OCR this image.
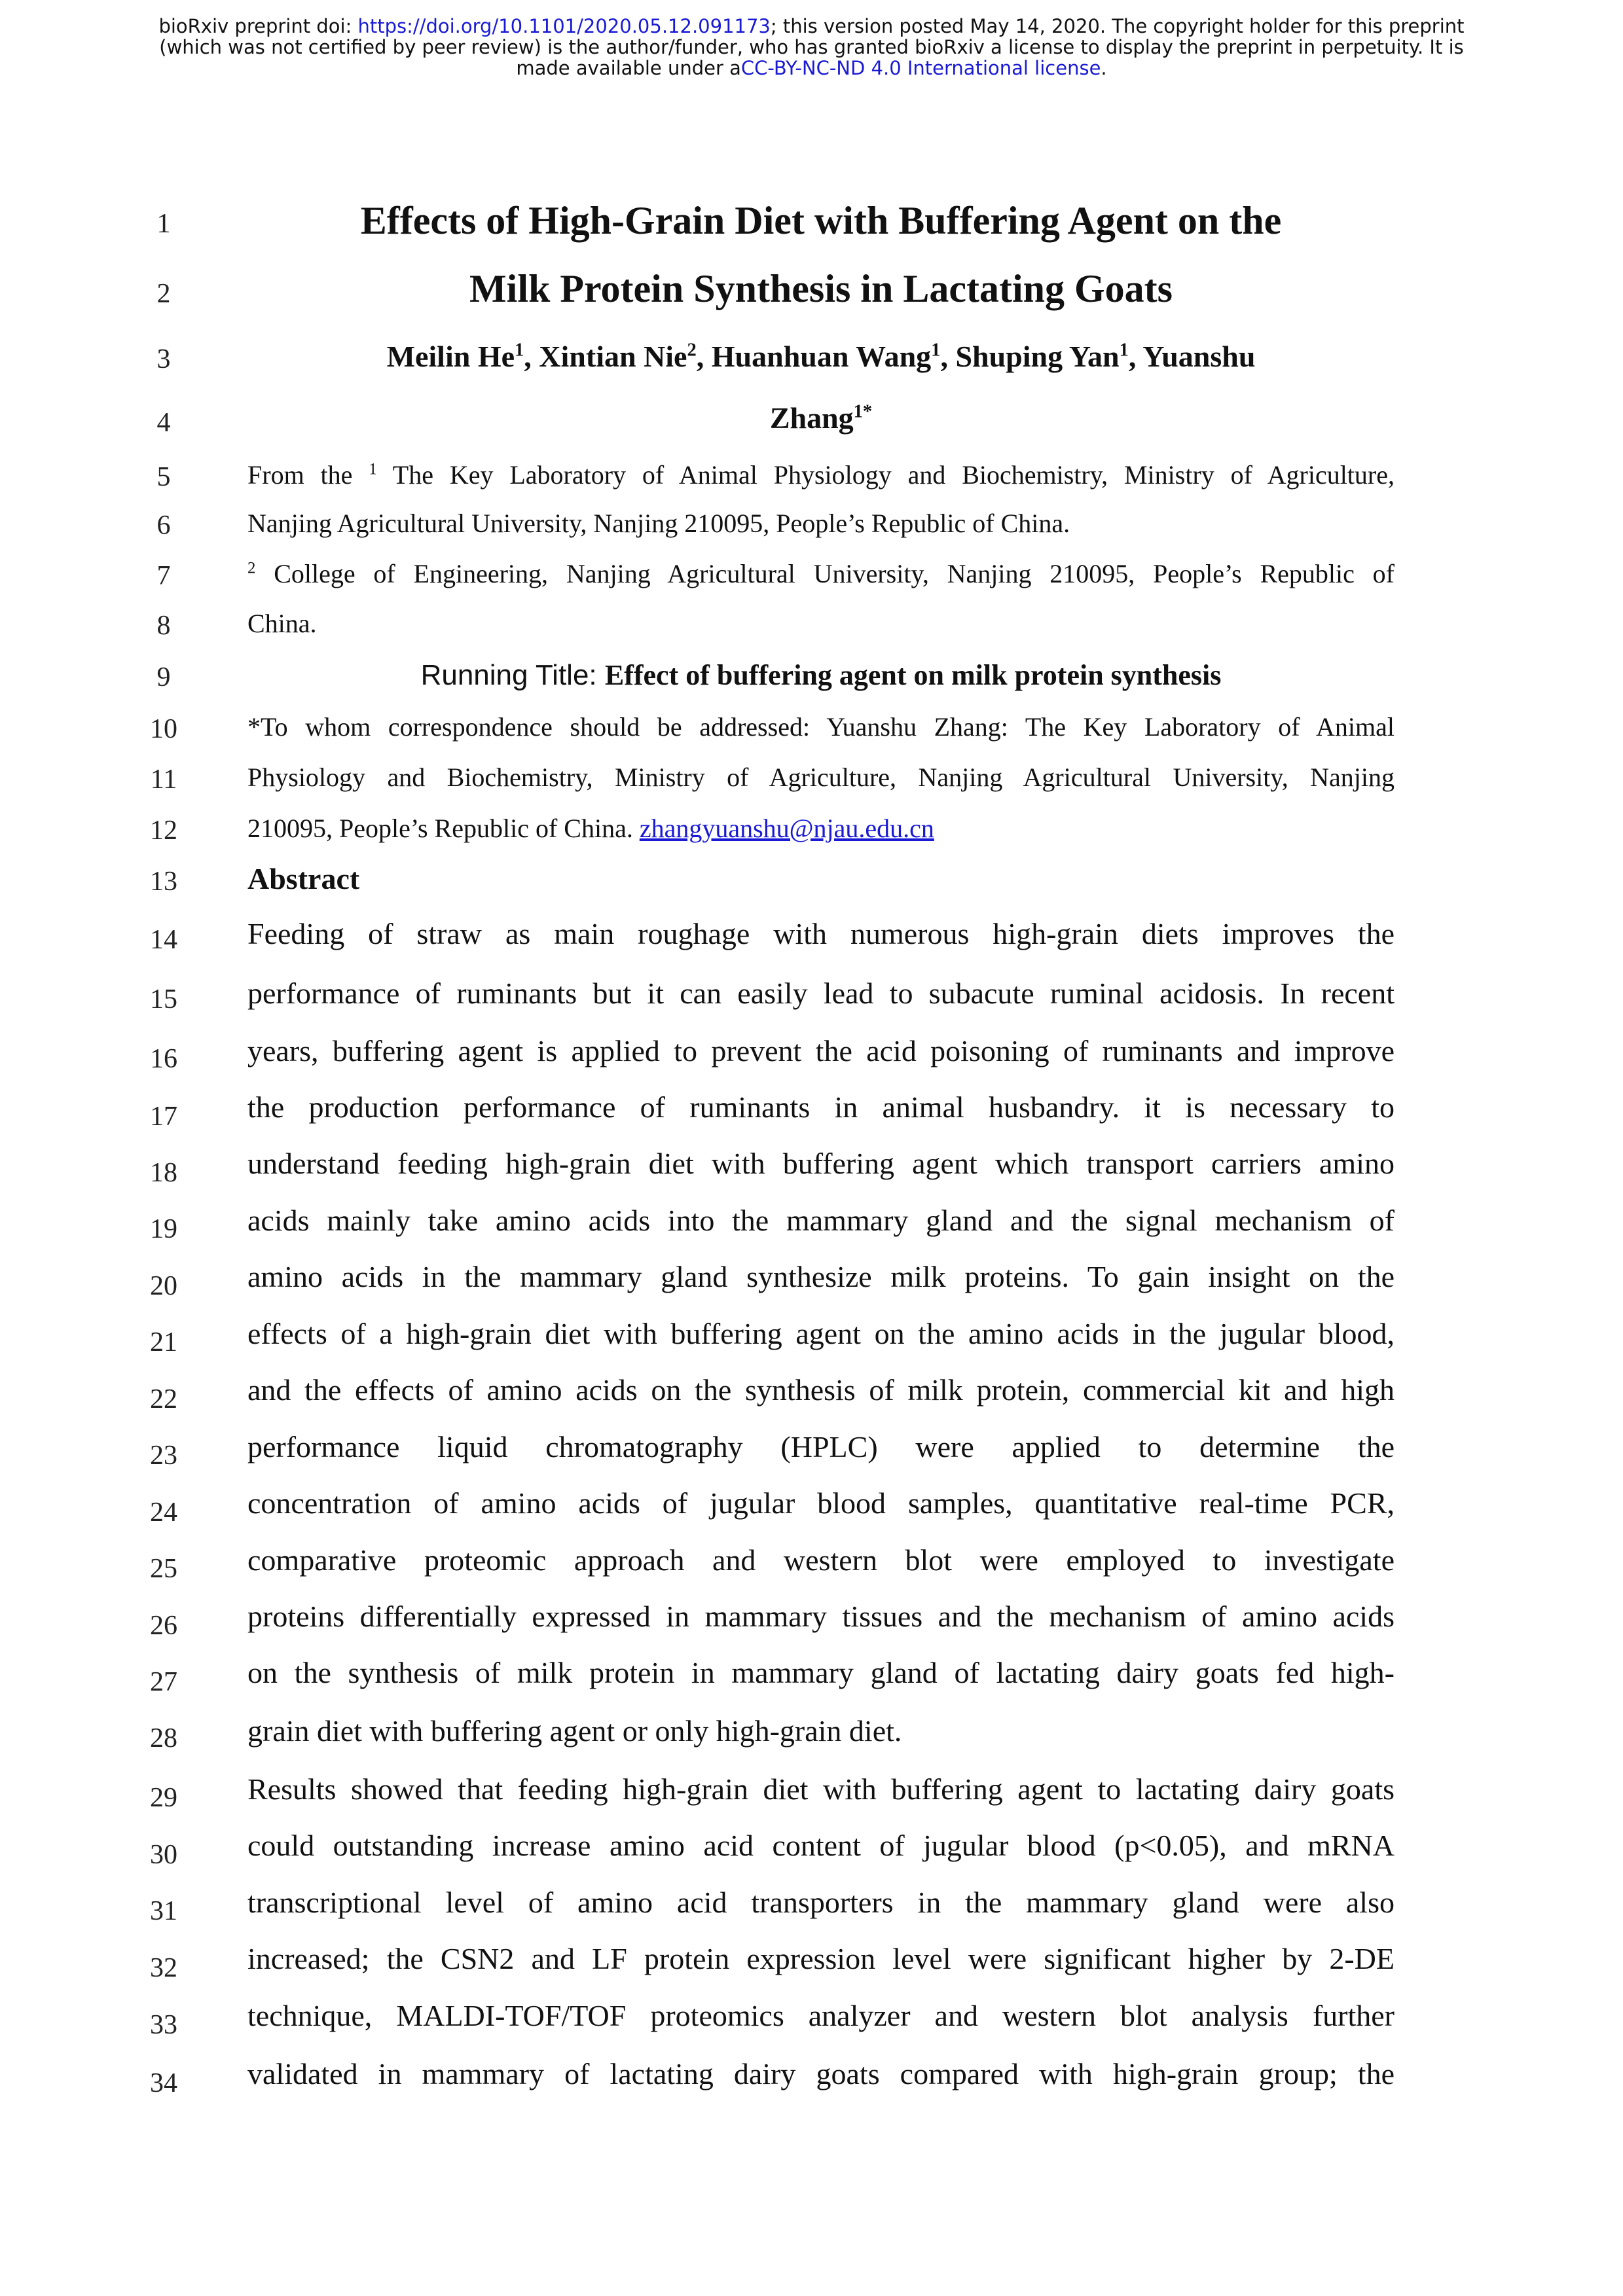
bioRxiv preprint doi: https://doi.org/10.1101/2020.05.12.091173; this version posted May 14, 2020. The copyright holder for this preprint
(which was not certified by peer review) is the author/funder, who has granted bioRxiv a license to display the preprint in perpetuity. It is
made available under aCC-BY-NC-ND 4.0 International license.
1
2
3
4
5
6
7
8
9
10
11
12
13
14
15
16
17
18
19
20
21
22
23
24
25
26
27
28
29
30
31
32
33
34
Effects of High-Grain Diet with Buffering Agent on the
Milk Protein Synthesis in Lactating Goats
Meilin He$^1$, Xintian Nie$^2$, Huanhuan Wang$^1$, Shuping Yan$^1$, Yuanshu
Zhang$^{1*}$
From the $^1$ The Key Laboratory of Animal Physiology and Biochemistry, Ministry of Agriculture,
Nanjing Agricultural University, Nanjing 210095, People’s Republic of China.
$^2$ College of Engineering, Nanjing Agricultural University, Nanjing 210095, People’s Republic of
China.
Running Title: Effect of buffering agent on milk protein synthesis
*To whom correspondence should be addressed: Yuanshu Zhang: The Key Laboratory of Animal
Physiology and Biochemistry, Ministry of Agriculture, Nanjing Agricultural University, Nanjing
210095, People’s Republic of China. zhangyuanshu@njau.edu.cn
Abstract
Feeding of straw as main roughage with numerous high-grain diets improves the
performance of ruminants but it can easily lead to subacute ruminal acidosis. In recent
years, buffering agent is applied to prevent the acid poisoning of ruminants and improve
the production performance of ruminants in animal husbandry. it is necessary to
understand feeding high-grain diet with buffering agent which transport carriers amino
acids mainly take amino acids into the mammary gland and the signal mechanism of
amino acids in the mammary gland synthesize milk proteins. To gain insight on the
effects of a high-grain diet with buffering agent on the amino acids in the jugular blood,
and the effects of amino acids on the synthesis of milk protein, commercial kit and high
performance liquid chromatography (HPLC) were applied to determine the
concentration of amino acids of jugular blood samples, quantitative real-time PCR,
comparative proteomic approach and western blot were employed to investigate
proteins differentially expressed in mammary tissues and the mechanism of amino acids
on the synthesis of milk protein in mammary gland of lactating dairy goats fed high-
grain diet with buffering agent or only high-grain diet.
Results showed that feeding high-grain diet with buffering agent to lactating dairy goats
could outstanding increase amino acid content of jugular blood (p<0.05), and mRNA
transcriptional level of amino acid transporters in the mammary gland were also
increased; the CSN2 and LF protein expression level were significant higher by 2-DE
technique, MALDI-TOF/TOF proteomics analyzer and western blot analysis further
validated in mammary of lactating dairy goats compared with high-grain group; the
